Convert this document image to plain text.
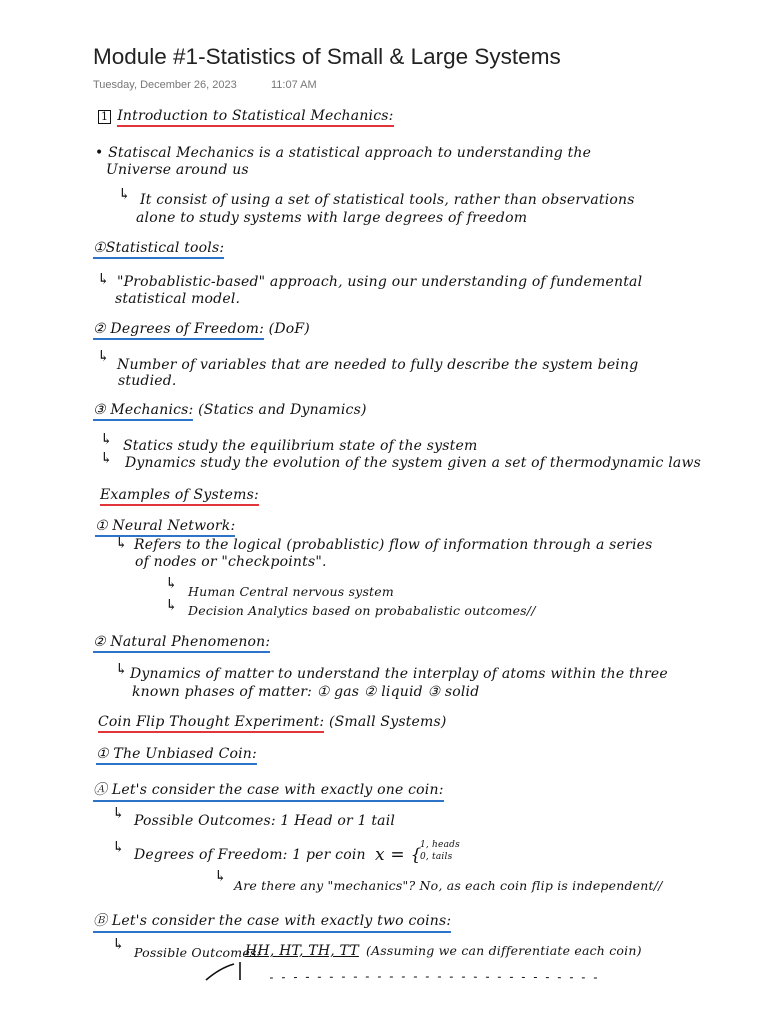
Module #1-Statistics of Small & Large Systems
Tuesday, December 26, 2023	11:07 AM
1 Introduction to Statistical Mechanics:
• Statiscal Mechanics is a statistical approach to understanding the
Universe around us
↳ It consist of using a set of statistical tools, rather than observations
alone to study systems with large degrees of freedom
①Statistical tools:
↳ "Probablistic-based" approach, using our understanding of fundemental
statistical model.
② Degrees of Freedom: (DoF)
↳ Number of variables that are needed to fully describe the system being
studied.
③ Mechanics: (Statics and Dynamics)
↳ Statics study the equilibrium state of the system
↳ Dynamics study the evolution of the system given a set of thermodynamic laws
Examples of Systems:
① Neural Network:
↳ Refers to the logical (probablistic) flow of information through a series
of nodes or "checkpoints".
↳ Human Central nervous system
↳ Decision Analytics based on probabalistic outcomes//
② Natural Phenomenon:
↳ Dynamics of matter to understand the interplay of atoms within the three
known phases of matter: ① gas ② liquid ③ solid
Coin Flip Thought Experiment: (Small Systems)
① The Unbiased Coin:
Ⓐ Let's consider the case with exactly one coin:
↳ Possible Outcomes: 1 Head or 1 tail
↳ Degrees of Freedom: 1 per coin x = {
1, heads
0, tails
↳
Are there any "mechanics"? No, as each coin flip is independent//
Ⓑ Let's consider the case with exactly two coins:
↳ Possible Outcomes:
HH, HT, TH, TT (Assuming we can differentiate each coin)
